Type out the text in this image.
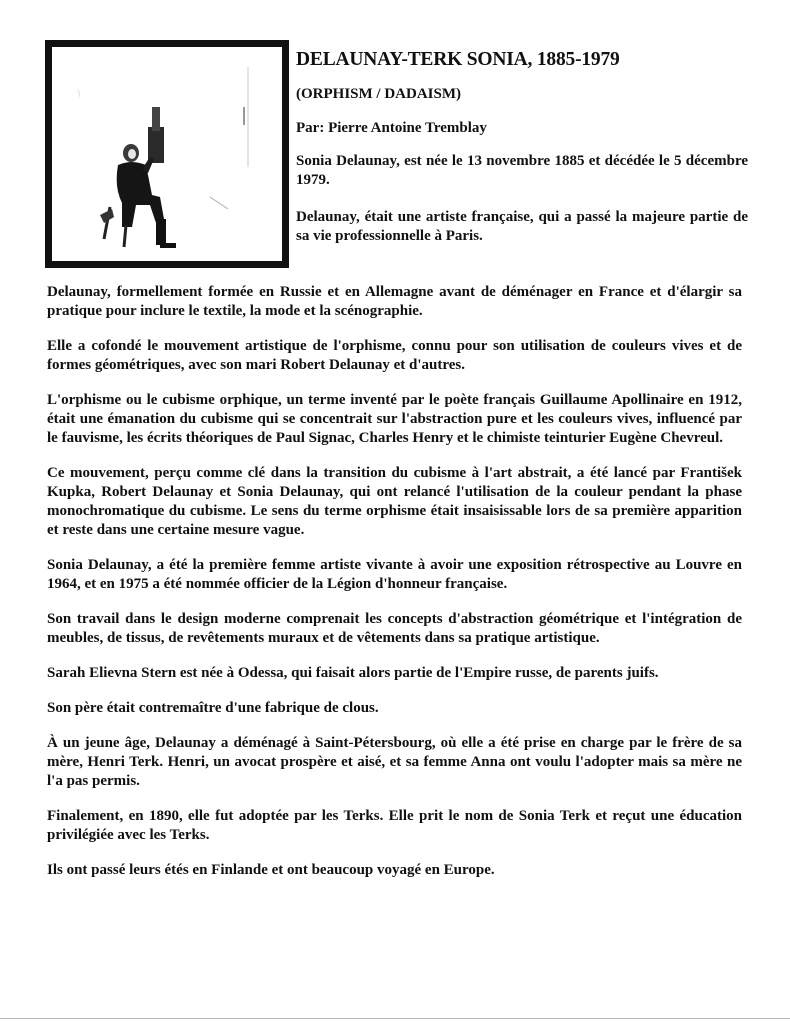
DELAUNAY-TERK SONIA, 1885-1979
(ORPHISM / DADAISM)
Par: Pierre Antoine Tremblay

Sonia Delaunay, est née le 13 novembre 1885 et décédée le 5 décembre 1979.

Delaunay, était une artiste française, qui a passé la majeure partie de sa vie professionnelle à Paris.

Delaunay, formellement formée en Russie et en Allemagne avant de déménager en France et d'élargir sa pratique pour inclure le textile, la mode et la scénographie.

Elle a cofondé le mouvement artistique de l'orphisme, connu pour son utilisation de couleurs vives et de formes géométriques, avec son mari Robert Delaunay et d'autres.

L'orphisme ou le cubisme orphique, un terme inventé par le poète français Guillaume Apollinaire en 1912, était une émanation du cubisme qui se concentrait sur l'abstraction pure et les couleurs vives, influencé par le fauvisme, les écrits théoriques de Paul Signac, Charles Henry et le chimiste teinturier Eugène Chevreul.

Ce mouvement, perçu comme clé dans la transition du cubisme à l'art abstrait, a été lancé par František Kupka, Robert Delaunay et Sonia Delaunay, qui ont relancé l'utilisation de la couleur pendant la phase monochromatique du cubisme. Le sens du terme orphisme était insaisissable lors de sa première apparition et reste dans une certaine mesure vague.

Sonia Delaunay, a été la première femme artiste vivante à avoir une exposition rétrospective au Louvre en 1964, et en 1975 a été nommée officier de la Légion d'honneur française.

Son travail dans le design moderne comprenait les concepts d'abstraction géométrique et l'intégration de meubles, de tissus, de revêtements muraux et de vêtements dans sa pratique artistique.

Sarah Elievna Stern est née à Odessa, qui faisait alors partie de l'Empire russe, de parents juifs.

Son père était contremaître d'une fabrique de clous.

À un jeune âge, Delaunay a déménagé à Saint-Pétersbourg, où elle a été prise en charge par le frère de sa mère, Henri Terk. Henri, un avocat prospère et aisé, et sa femme Anna ont voulu l'adopter mais sa mère ne l'a pas permis.

Finalement, en 1890, elle fut adoptée par les Terks. Elle prit le nom de Sonia Terk et reçut une éducation privilégiée avec les Terks.

Ils ont passé leurs étés en Finlande et ont beaucoup voyagé en Europe.
